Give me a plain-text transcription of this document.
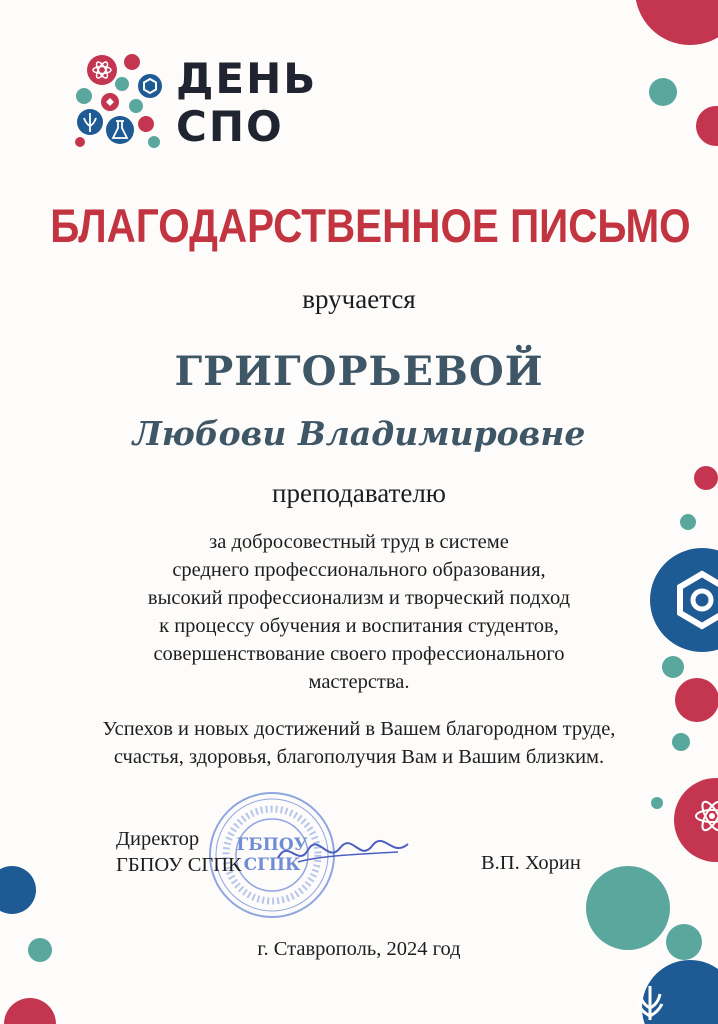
ДЕНЬ
СПО
БЛАГОДАРСТВЕННОЕ ПИСЬМО
вручается
ГРИГОРЬЕВОЙ
Любови Владимировне
преподавателю
за добросовестный труд в системе
среднего профессионального образования,
высокий профессионализм и творческий подход
к процессу обучения и воспитания студентов,
совершенствование своего профессионального
мастерства.
Успехов и новых достижений в Вашем благородном труде,
счастья, здоровья, благополучия Вам и Вашим близким.
ГБПОУ
СГПК
Директор
ГБПОУ СГПК	В.П. Хорин
г. Ставрополь, 2024 год
